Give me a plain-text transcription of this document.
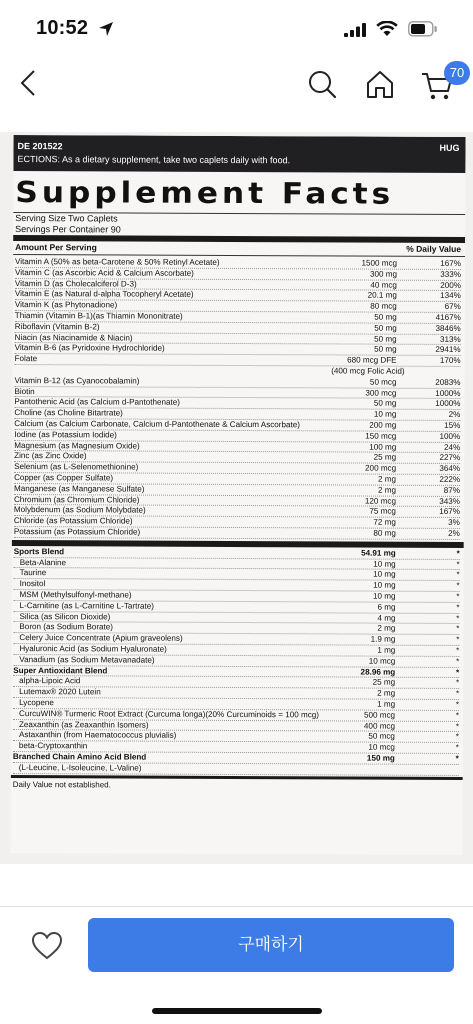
10:52
70
DE 201522	HUG
ECTIONS: As a dietary supplement, take two caplets daily with food.
Supplement Facts
Serving Size Two Caplets
Servings Per Container 90
Amount Per Serving	% Daily Value
Vitamin A (50% as beta-Carotene & 50% Retinyl Acetate)	1500 mcg	167%
Vitamin C (as Ascorbic Acid & Calcium Ascorbate)	300 mg	333%
Vitamin D (as Cholecalciferol D-3)	40 mcg	200%
Vitamin E (as Natural d-alpha Tocopheryl Acetate)	20.1 mg	134%
Vitamin K (as Phytonadione)	80 mcg	67%
Thiamin (Vitamin B-1)(as Thiamin Mononitrate)	50 mg	4167%
Riboflavin (Vitamin B-2)	50 mg	3846%
Niacin (as Niacinamide & Niacin)	50 mg	313%
Vitamin B-6 (as Pyridoxine Hydrochloride)	50 mg	2941%
Folate	680 mcg DFE	170%
(400 mcg Folic Acid)
Vitamin B-12 (as Cyanocobalamin)	50 mcg	2083%
Biotin	300 mcg	1000%
Pantothenic Acid (as Calcium d-Pantothenate)	50 mg	1000%
Choline (as Choline Bitartrate)	10 mg	2%
Calcium (as Calcium Carbonate, Calcium d-Pantothenate & Calcium Ascorbate)	200 mg	15%
Iodine (as Potassium Iodide)	150 mcg	100%
Magnesium (as Magnesium Oxide)	100 mg	24%
Zinc (as Zinc Oxide)	25 mg	227%
Selenium (as L-Selenomethionine)	200 mcg	364%
Copper (as Copper Sulfate)	2 mg	222%
Manganese (as Manganese Sulfate)	2 mg	87%
Chromium (as Chromium Chloride)	120 mcg	343%
Molybdenum (as Sodium Molybdate)	75 mcg	167%
Chloride (as Potassium Chloride)	72 mg	3%
Potassium (as Potassium Chloride)	80 mg	2%
Sports Blend	54.91 mg	*
Beta-Alanine	10 mg	*
Taurine	10 mg	*
Inositol	10 mg	*
MSM (Methylsulfonyl-methane)	10 mg	*
L-Carnitine (as L-Carnitine L-Tartrate)	6 mg	*
Silica (as Silicon Dioxide)	4 mg	*
Boron (as Sodium Borate)	2 mg	*
Celery Juice Concentrate (Apium graveolens)	1.9 mg	*
Hyaluronic Acid (as Sodium Hyaluronate)	1 mg	*
Vanadium (as Sodium Metavanadate)	10 mcg	*
Super Antioxidant Blend	28.96 mg	*
alpha-Lipoic Acid	25 mg	*
Lutemax® 2020 Lutein	2 mg	*
Lycopene	1 mg	*
CurcuWIN® Turmeric Root Extract (Curcuma longa)(20% Curcuminoids = 100 mcg)	500 mcg	*
Zeaxanthin (as Zeaxanthin Isomers)	400 mcg	*
Astaxanthin (from Haematococcus pluvialis)	50 mcg	*
beta-Cryptoxanthin	10 mcg	*
Branched Chain Amino Acid Blend	150 mg	*
(L-Leucine, L-Isoleucine, L-Valine)
Daily Value not established.
구매하기
